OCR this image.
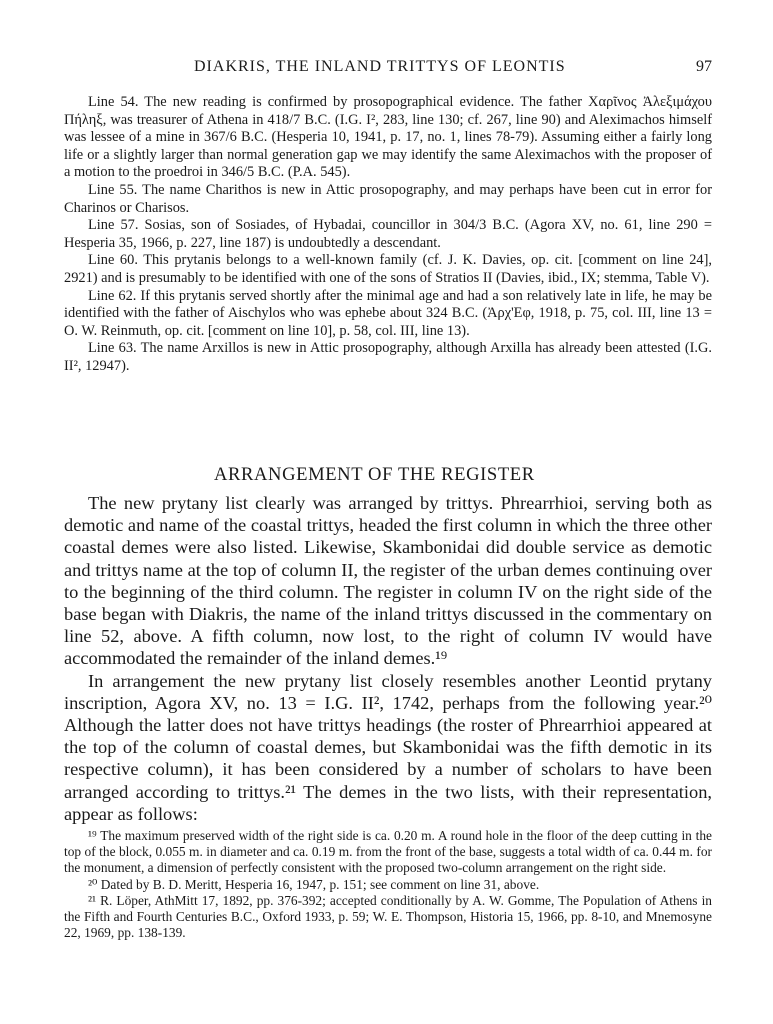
DIAKRIS, THE INLAND TRITTYS OF LEONTIS	97

Line 54. The new reading is confirmed by prosopographical evidence. The father Χαρῖνος Ἀλεξιμάχου Πήληξ, was treasurer of Athena in 418/7 B.C. (I.G. I², 283, line 130; cf. 267, line 90) and Aleximachos himself was lessee of a mine in 367/6 B.C. (Hesperia 10, 1941, p. 17, no. 1, lines 78-79). Assuming either a fairly long life or a slightly larger than normal generation gap we may identify the same Aleximachos with the proposer of a motion to the proedroi in 346/5 B.C. (P.A. 545).

Line 55. The name Charithos is new in Attic prosopography, and may perhaps have been cut in error for Charinos or Charisos.

Line 57. Sosias, son of Sosiades, of Hybadai, councillor in 304/3 B.C. (Agora XV, no. 61, line 290 = Hesperia 35, 1966, p. 227, line 187) is undoubtedly a descendant.

Line 60. This prytanis belongs to a well-known family (cf. J. K. Davies, op. cit. [comment on line 24], 2921) and is presumably to be identified with one of the sons of Stratios II (Davies, ibid., IX; stemma, Table V).

Line 62. If this prytanis served shortly after the minimal age and had a son relatively late in life, he may be identified with the father of Aischylos who was ephebe about 324 B.C. (Ἀρχ'Εφ, 1918, p. 75, col. III, line 13 = O. W. Reinmuth, op. cit. [comment on line 10], p. 58, col. III, line 13).

Line 63. The name Arxillos is new in Attic prosopography, although Arxilla has already been attested (I.G. II², 12947).

ARRANGEMENT OF THE REGISTER

The new prytany list clearly was arranged by trittys. Phrearrhioi, serving both as demotic and name of the coastal trittys, headed the first column in which the three other coastal demes were also listed. Likewise, Skambonidai did double service as demotic and trittys name at the top of column II, the register of the urban demes continuing over to the beginning of the third column. The register in column IV on the right side of the base began with Diakris, the name of the inland trittys discussed in the commentary on line 52, above. A fifth column, now lost, to the right of column IV would have accommodated the remainder of the inland demes.¹⁹

In arrangement the new prytany list closely resembles another Leontid prytany inscription, Agora XV, no. 13 = I.G. II², 1742, perhaps from the following year.²⁰ Although the latter does not have trittys headings (the roster of Phrearrhioi appeared at the top of the column of coastal demes, but Skambonidai was the fifth demotic in its respective column), it has been considered by a number of scholars to have been arranged according to trittys.²¹ The demes in the two lists, with their representation, appear as follows:

¹⁹ The maximum preserved width of the right side is ca. 0.20 m. A round hole in the floor of the deep cutting in the top of the block, 0.055 m. in diameter and ca. 0.19 m. from the front of the base, suggests a total width of ca. 0.44 m. for the monument, a dimension of perfectly consistent with the proposed two-column arrangement on the right side.

²⁰ Dated by B. D. Meritt, Hesperia 16, 1947, p. 151; see comment on line 31, above.

²¹ R. Löper, AthMitt 17, 1892, pp. 376-392; accepted conditionally by A. W. Gomme, The Population of Athens in the Fifth and Fourth Centuries B.C., Oxford 1933, p. 59; W. E. Thompson, Historia 15, 1966, pp. 8-10, and Mnemosyne 22, 1969, pp. 138-139.
